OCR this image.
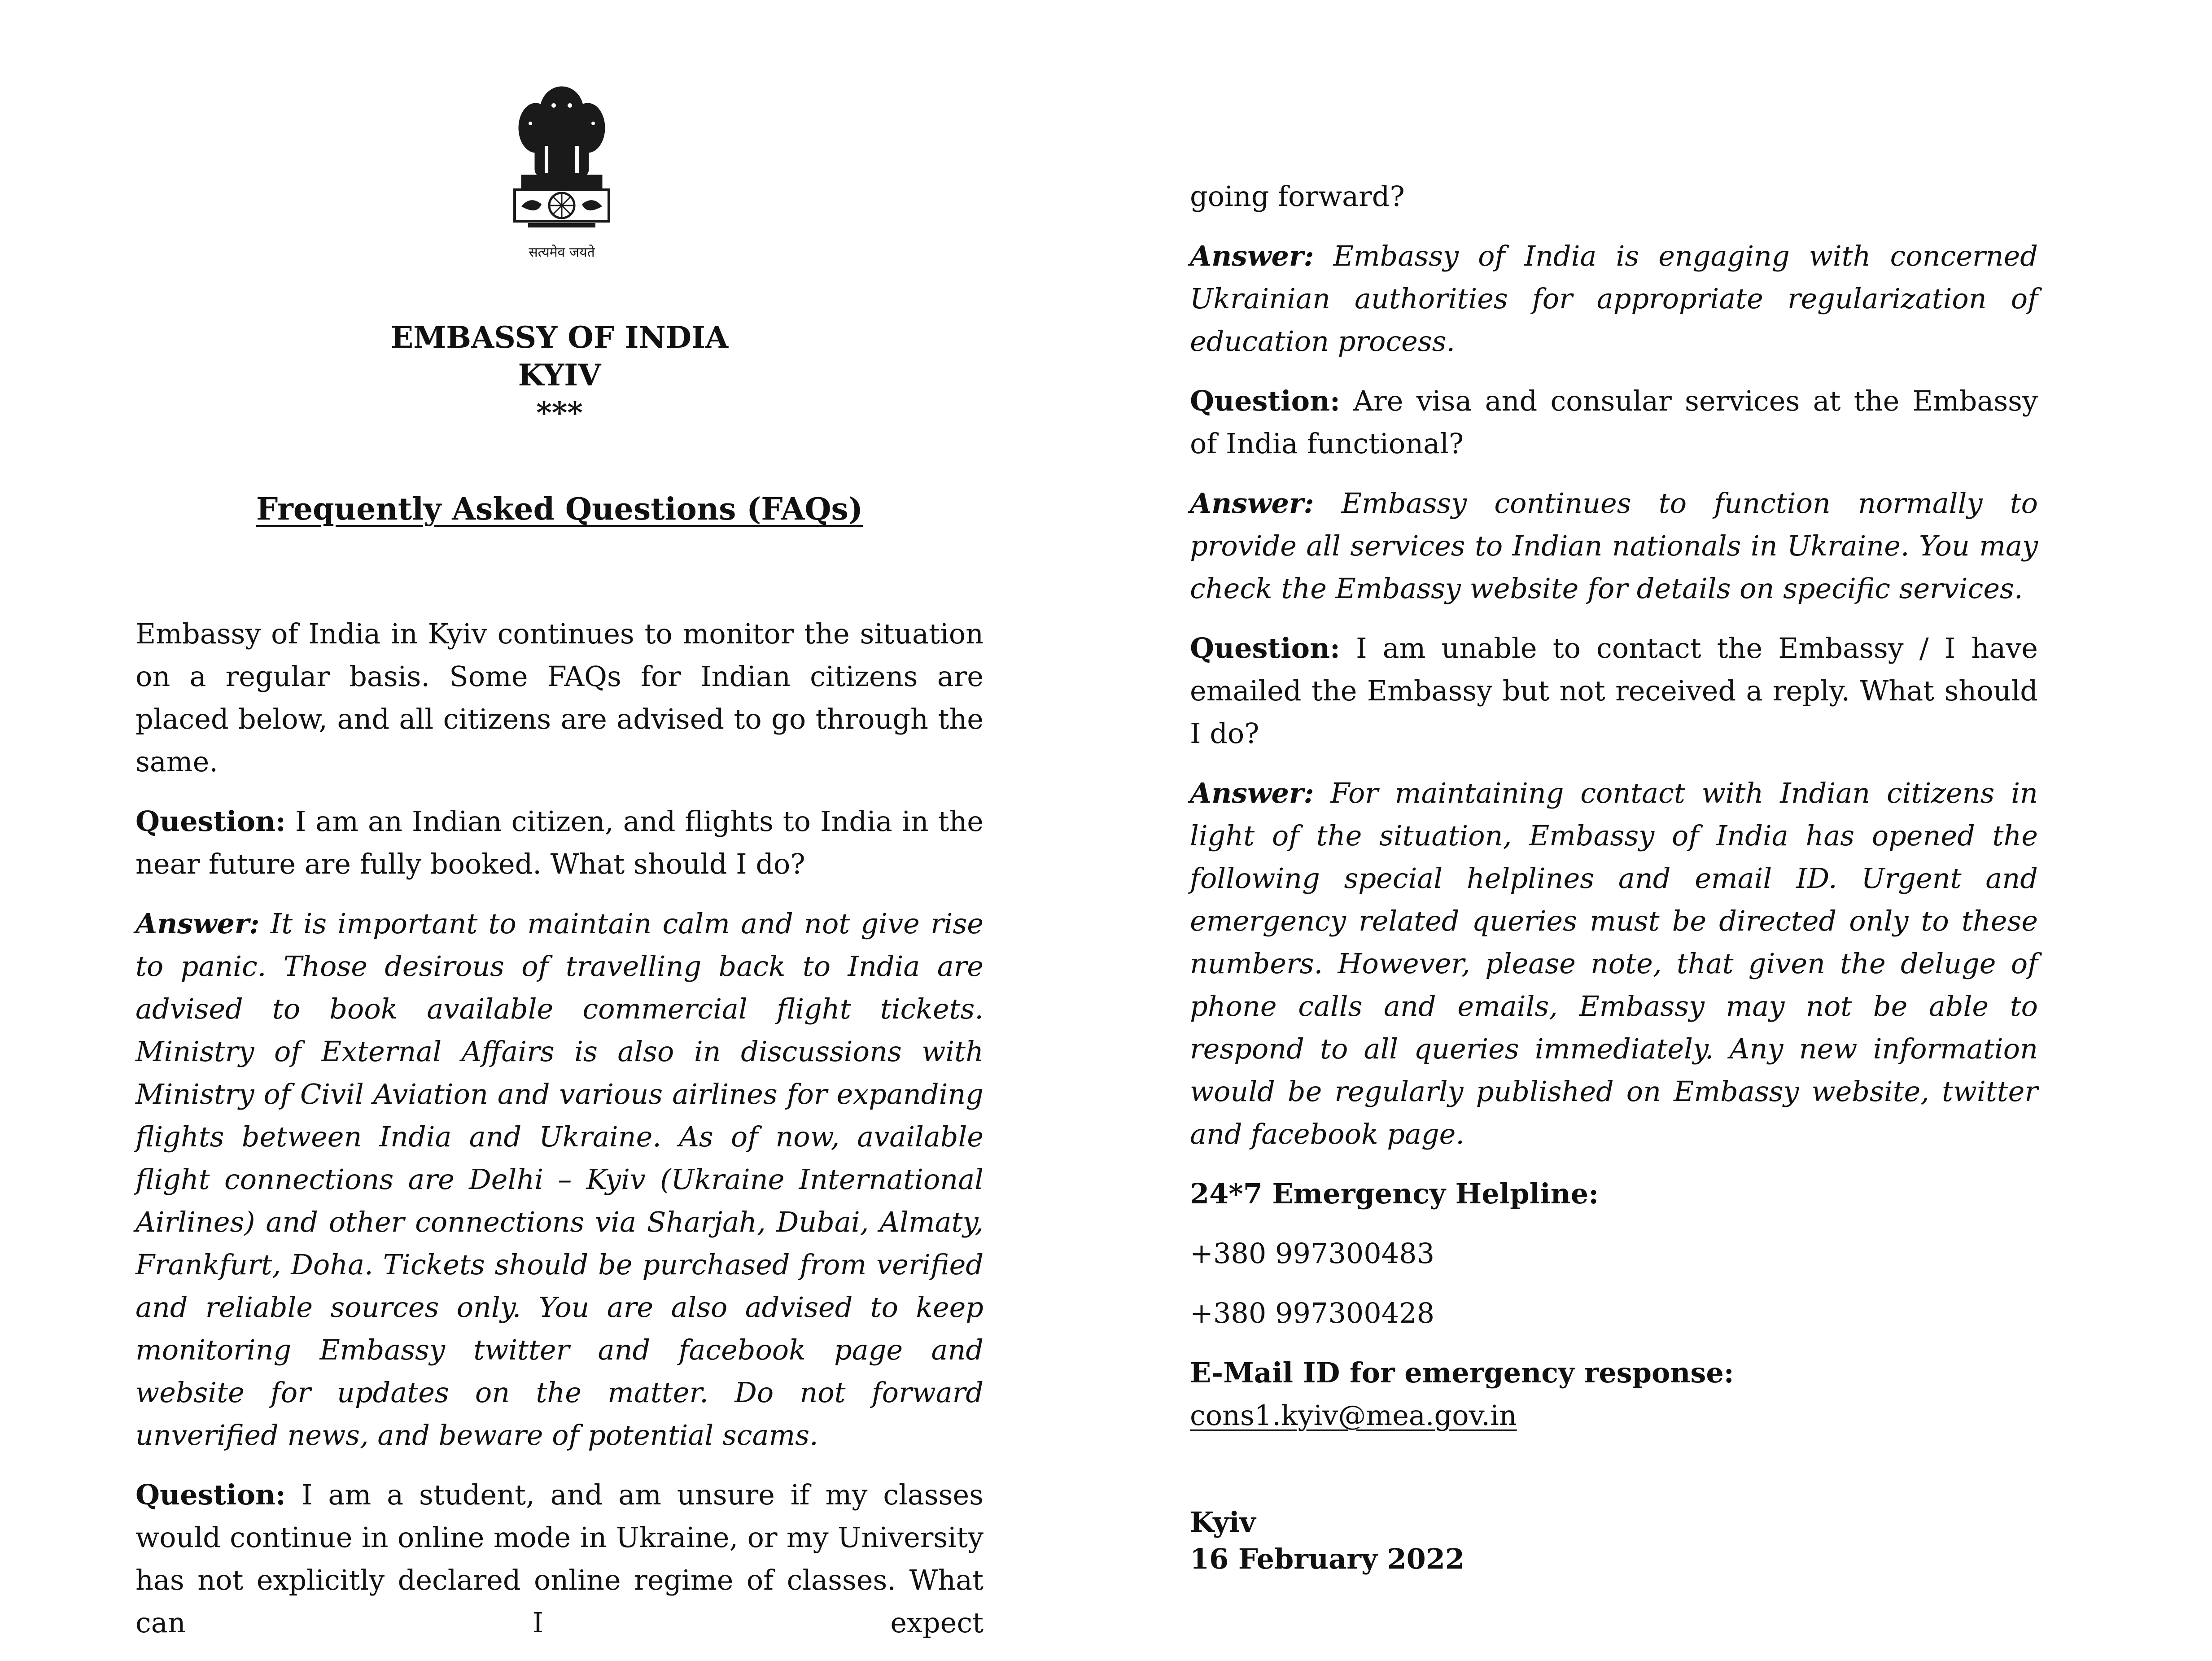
सत्यमेव जयते
EMBASSY OF INDIA
KYIV
***
Frequently Asked Questions (FAQs)

Embassy of India in Kyiv continues to monitor the situation on a regular basis. Some FAQs for Indian citizens are placed below, and all citizens are advised to go through the same.

Question: I am an Indian citizen, and flights to India in the near future are fully booked. What should I do?

Answer: It is important to maintain calm and not give rise to panic. Those desirous of travelling back to India are advised to book available commercial flight tickets. Ministry of External Affairs is also in discussions with Ministry of Civil Aviation and various airlines for expanding flights between India and Ukraine. As of now, available flight connections are Delhi – Kyiv (Ukraine International Airlines) and other connections via Sharjah, Dubai, Almaty, Frankfurt, Doha. Tickets should be purchased from verified and reliable sources only. You are also advised to keep monitoring Embassy twitter and facebook page and website for updates on the matter. Do not forward unverified news, and beware of potential scams.

Question: I am a student, and am unsure if my classes would continue in online mode in Ukraine, or my University has not explicitly declared online regime of classes. What can I expect

going forward?

Answer: Embassy of India is engaging with concerned Ukrainian authorities for appropriate regularization of education process.

Question: Are visa and consular services at the Embassy of India functional?

Answer: Embassy continues to function normally to provide all services to Indian nationals in Ukraine. You may check the Embassy website for details on specific services.

Question: I am unable to contact the Embassy / I have emailed the Embassy but not received a reply. What should I do?

Answer: For maintaining contact with Indian citizens in light of the situation, Embassy of India has opened the following special helplines and email ID. Urgent and emergency related queries must be directed only to these numbers. However, please note, that given the deluge of phone calls and emails, Embassy may not be able to respond to all queries immediately. Any new information would be regularly published on Embassy website, twitter and facebook page.

24*7 Emergency Helpline:

+380 997300483

+380 997300428

E-Mail ID for emergency response: cons1.kyiv@mea.gov.in

Kyiv
16 February 2022
